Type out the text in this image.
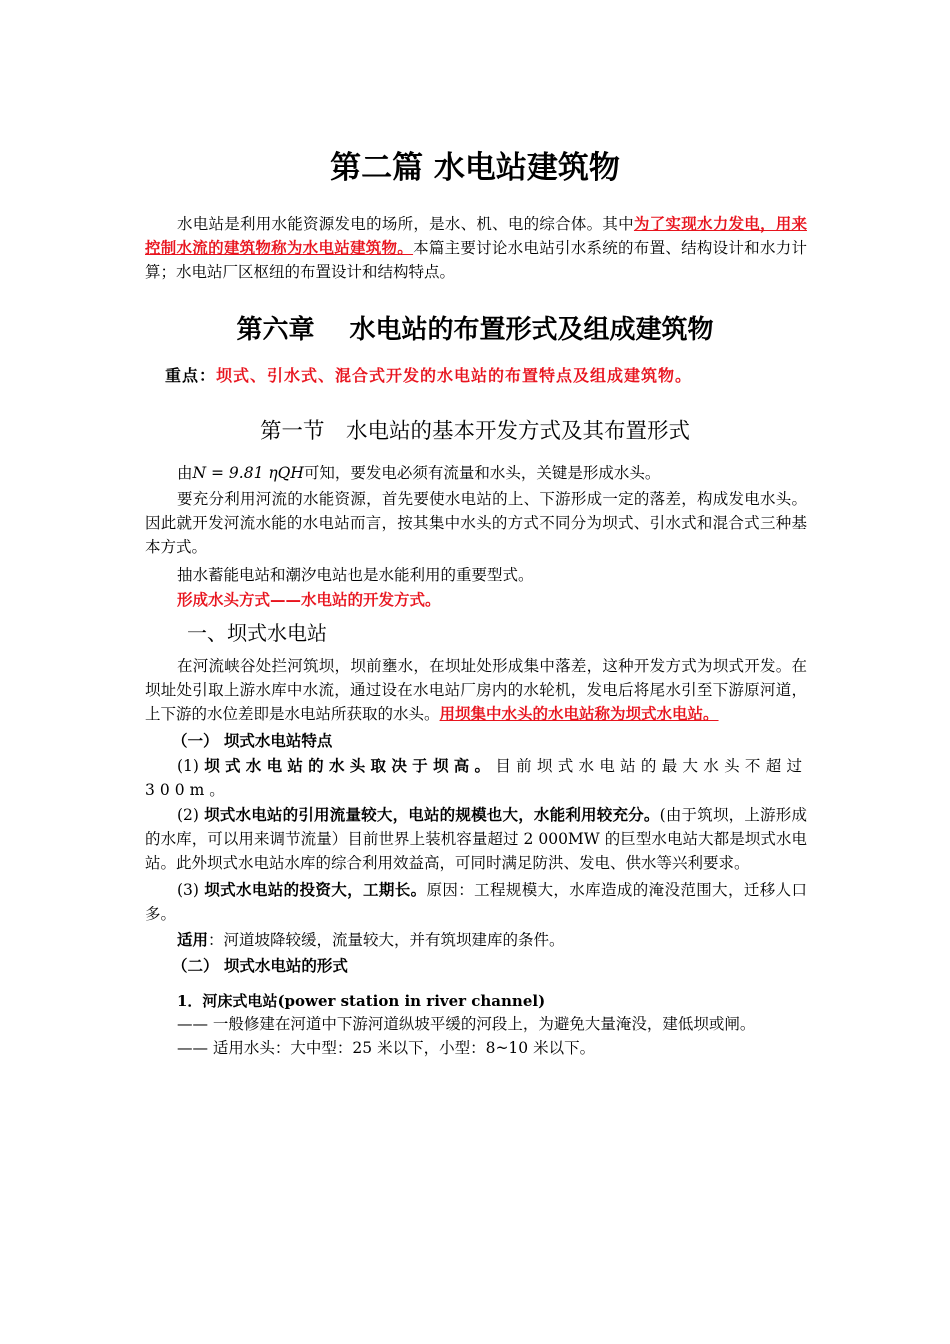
第二篇 水电站建筑物
水电站是利用水能资源发电的场所，是水、机、电的综合体。其中为了实现水力发电，用来控制水流的建筑物称为水电站建筑物。本篇主要讨论水电站引水系统的布置、结构设计和水力计算；水电站厂区枢纽的布置设计和结构特点。
第六章　 水电站的布置形式及组成建筑物
重点：坝式、引水式、混合式开发的水电站的布置特点及组成建筑物。
第一节　水电站的基本开发方式及其布置形式
由N = 9.81 ηQH可知，要发电必须有流量和水头，关键是形成水头。
要充分利用河流的水能资源，首先要使水电站的上、下游形成一定的落差，构成发电水头。因此就开发河流水能的水电站而言，按其集中水头的方式不同分为坝式、引水式和混合式三种基本方式。
抽水蓄能电站和潮汐电站也是水能利用的重要型式。
形成水头方式——水电站的开发方式。
一、坝式水电站
在河流峡谷处拦河筑坝，坝前壅水，在坝址处形成集中落差，这种开发方式为坝式开发。在坝址处引取上游水库中水流，通过设在水电站厂房内的水轮机，发电后将尾水引至下游原河道，上下游的水位差即是水电站所获取的水头。用坝集中水头的水电站称为坝式水电站。
（一） 坝式水电站特点
(1) 坝式水电站的水头取决于坝高。目前坝式水电站的最大水头不超过300m。
(2) 坝式水电站的引用流量较大，电站的规模也大，水能利用较充分。(由于筑坝，上游形成的水库，可以用来调节流量）目前世界上装机容量超过 2 000MW 的巨型水电站大都是坝式水电站。此外坝式水电站水库的综合利用效益高，可同时满足防洪、发电、供水等兴利要求。
(3) 坝式水电站的投资大，工期长。原因：工程规模大，水库造成的淹没范围大，迁移人口多。
适用：河道坡降较缓，流量较大，并有筑坝建库的条件。
（二） 坝式水电站的形式
1．河床式电站(power station in river channel)
—— 一般修建在河道中下游河道纵坡平缓的河段上，为避免大量淹没，建低坝或闸。
—— 适用水头：大中型：25 米以下，小型：8~10 米以下。
